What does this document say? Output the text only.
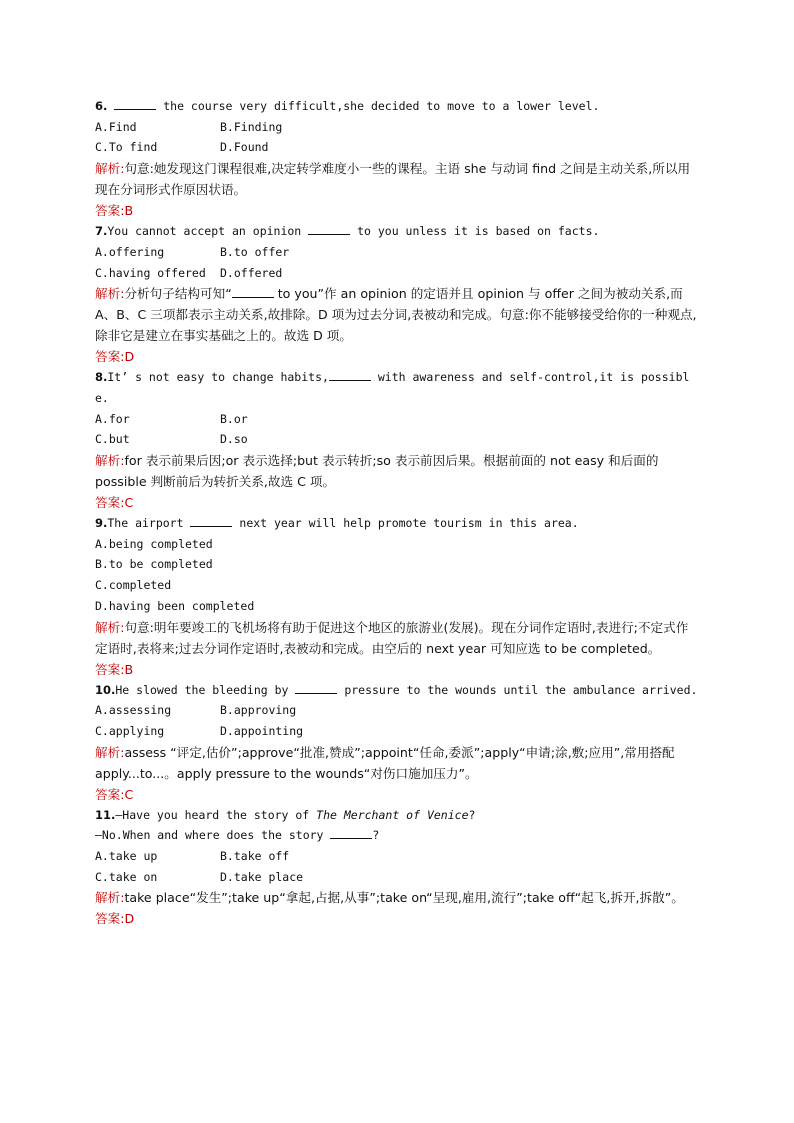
6.	the course very difficult,she decided to move to a lower level.
A.Find	B.Finding
C.To find	D.Found
解析:句意:她发现这门课程很难,决定转学难度小一些的课程。主语 she 与动词 find 之间是主动关系,所以用现在分词形式作原因状语。
答案:B
7.You cannot accept an opinion	to you unless it is based on facts.
A.offering	B.to offer
C.having offered	D.offered
解析:分析句子结构可知“	to you”作 an opinion 的定语并且 opinion 与 offer 之间为被动关系,而 A、B、C 三项都表示主动关系,故排除。D 项为过去分词,表被动和完成。句意:你不能够接受给你的一种观点,除非它是建立在事实基础之上的。故选 D 项。
答案:D
8.It’ s not easy to change habits,	with awareness and self-control,it is possible.
A.for	B.or
C.but	D.so
解析:for 表示前果后因;or 表示选择;but 表示转折;so 表示前因后果。根据前面的 not easy 和后面的 possible 判断前后为转折关系,故选 C 项。
答案:C
9.The airport	next year will help promote tourism in this area.
A.being completed
B.to be completed
C.completed
D.having been completed
解析:句意:明年要竣工的飞机场将有助于促进这个地区的旅游业(发展)。现在分词作定语时,表进行;不定式作定语时,表将来;过去分词作定语时,表被动和完成。由空后的 next year 可知应选 to be completed。
答案:B
10.He slowed the bleeding by	pressure to the wounds until the ambulance arrived.
A.assessing	B.approving
C.applying	D.appointing
解析:assess “评定,估价”;approve“批准,赞成”;appoint“任命,委派”;apply“申请;涂,敷;应用”,常用搭配 apply...to...。apply pressure to the wounds“对伤口施加压力”。
答案:C
11.—Have you heard the story of The Merchant of Venice?
—No.When and where does the story	?
A.take up	B.take off
C.take on	D.take place
解析:take place“发生”;take up“拿起,占据,从事”;take on“呈现,雇用,流行”;take off“起飞,拆开,拆散”。
答案:D
